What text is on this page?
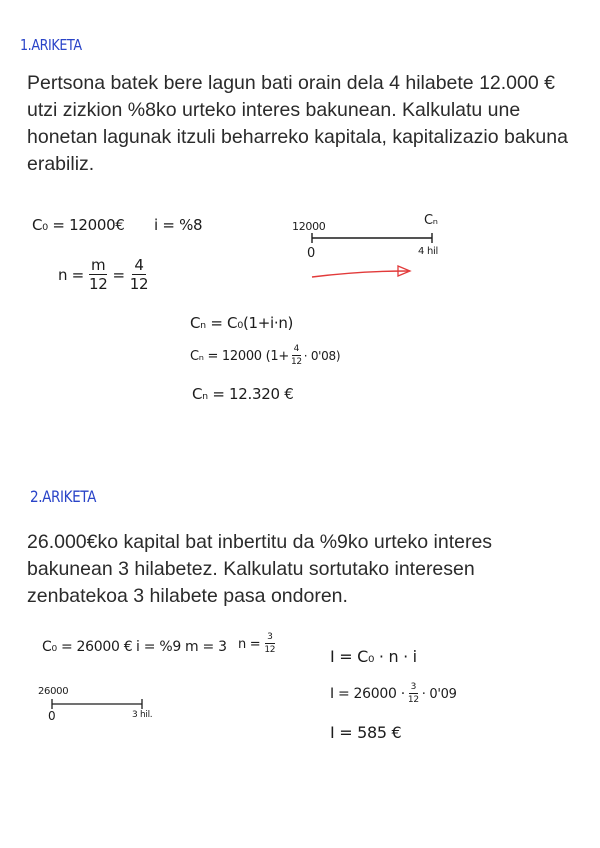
1.ARIKETA
Pertsona batek bere lagun bati orain dela 4 hilabete 12.000 € utzi zizkion %8ko urteko interes bakunean. Kalkulatu une honetan lagunak itzuli beharreko kapitala, kapitalizazio bakuna erabiliz.
C₀ = 12000€ i = %8
$n = \frac{m}{12} = \frac{4}{12}$
12000	Cₙ
0	4 hil
Cₙ = C₀(1+i·n)
Cₙ = 12000 $(1+ \frac{4}{12} \cdot 0'08)$
Cₙ = 12.320 €
2.ARIKETA
26.000€ko kapital bat inbertitu da %9ko urteko interes bakunean 3 hilabetez. Kalkulatu sortutako interesen zenbatekoa 3 hilabete pasa ondoren.
C₀ = 26000 € i = %9 m = 3 $n = \frac{3}{12}$
26000
0	3 hil.
I = C₀ · n · i
$I = 26000 \cdot \frac{3}{12} \cdot 0'09$
I = 585 €
